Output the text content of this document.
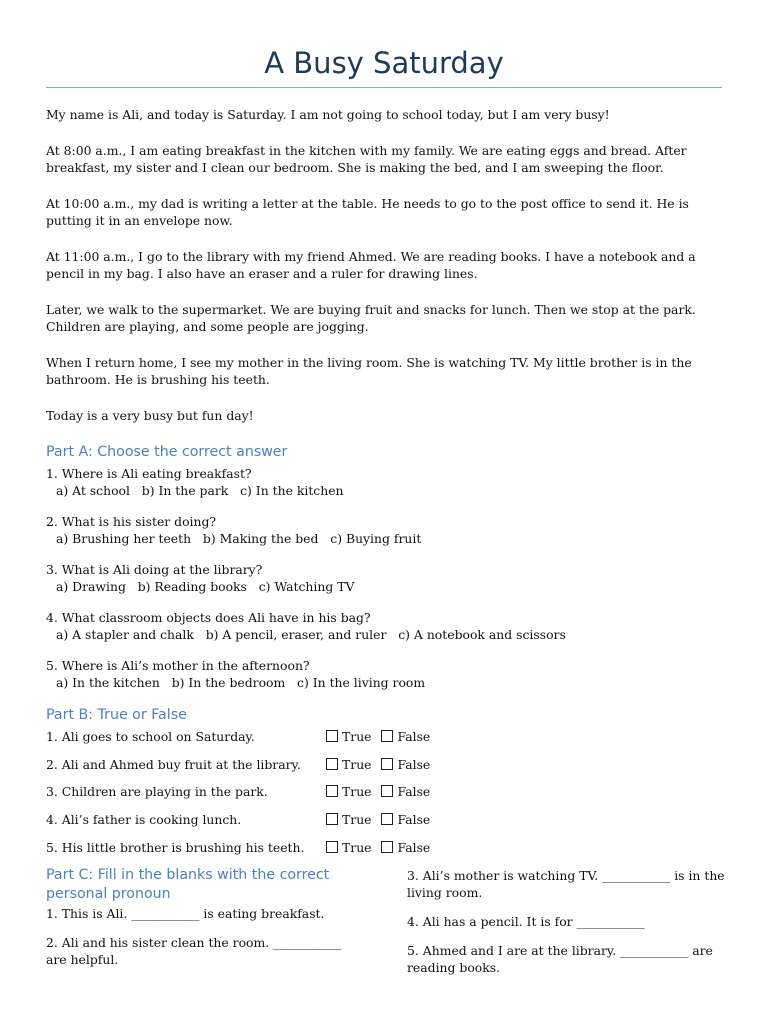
A Busy Saturday

My name is Ali, and today is Saturday. I am not going to school today, but I am very busy!

At 8:00 a.m., I am eating breakfast in the kitchen with my family. We are eating eggs and bread. After breakfast, my sister and I clean our bedroom. She is making the bed, and I am sweeping the floor.

At 10:00 a.m., my dad is writing a letter at the table. He needs to go to the post office to send it. He is putting it in an envelope now.

At 11:00 a.m., I go to the library with my friend Ahmed. We are reading books. I have a notebook and a pencil in my bag. I also have an eraser and a ruler for drawing lines.

Later, we walk to the supermarket. We are buying fruit and snacks for lunch. Then we stop at the park. Children are playing, and some people are jogging.

When I return home, I see my mother in the living room. She is watching TV. My little brother is in the bathroom. He is brushing his teeth.

Today is a very busy but fun day!

Part A: Choose the correct answer
1. Where is Ali eating breakfast?
a) At school   b) In the park   c) In the kitchen
2. What is his sister doing?
a) Brushing her teeth   b) Making the bed   c) Buying fruit
3. What is Ali doing at the library?
a) Drawing   b) Reading books   c) Watching TV
4. What classroom objects does Ali have in his bag?
a) A stapler and chalk   b) A pencil, eraser, and ruler   c) A notebook and scissors
5. Where is Ali’s mother in the afternoon?
a) In the kitchen   b) In the bedroom   c) In the living room
Part B: True or False
1. Ali goes to school on Saturday.	True False
2. Ali and Ahmed buy fruit at the library.	True False
3. Children are playing in the park.	True False
4. Ali’s father is cooking lunch.	True False
5. His little brother is brushing his teeth.	True False
Part C: Fill in the blanks with the correct personal pronoun
1. This is Ali. ___________ is eating breakfast.
2. Ali and his sister clean the room. ___________ are helpful.
3. Ali’s mother is watching TV. ___________ is in the living room.
4. Ali has a pencil. It is for ___________
5. Ahmed and I are at the library. ___________ are reading books.
